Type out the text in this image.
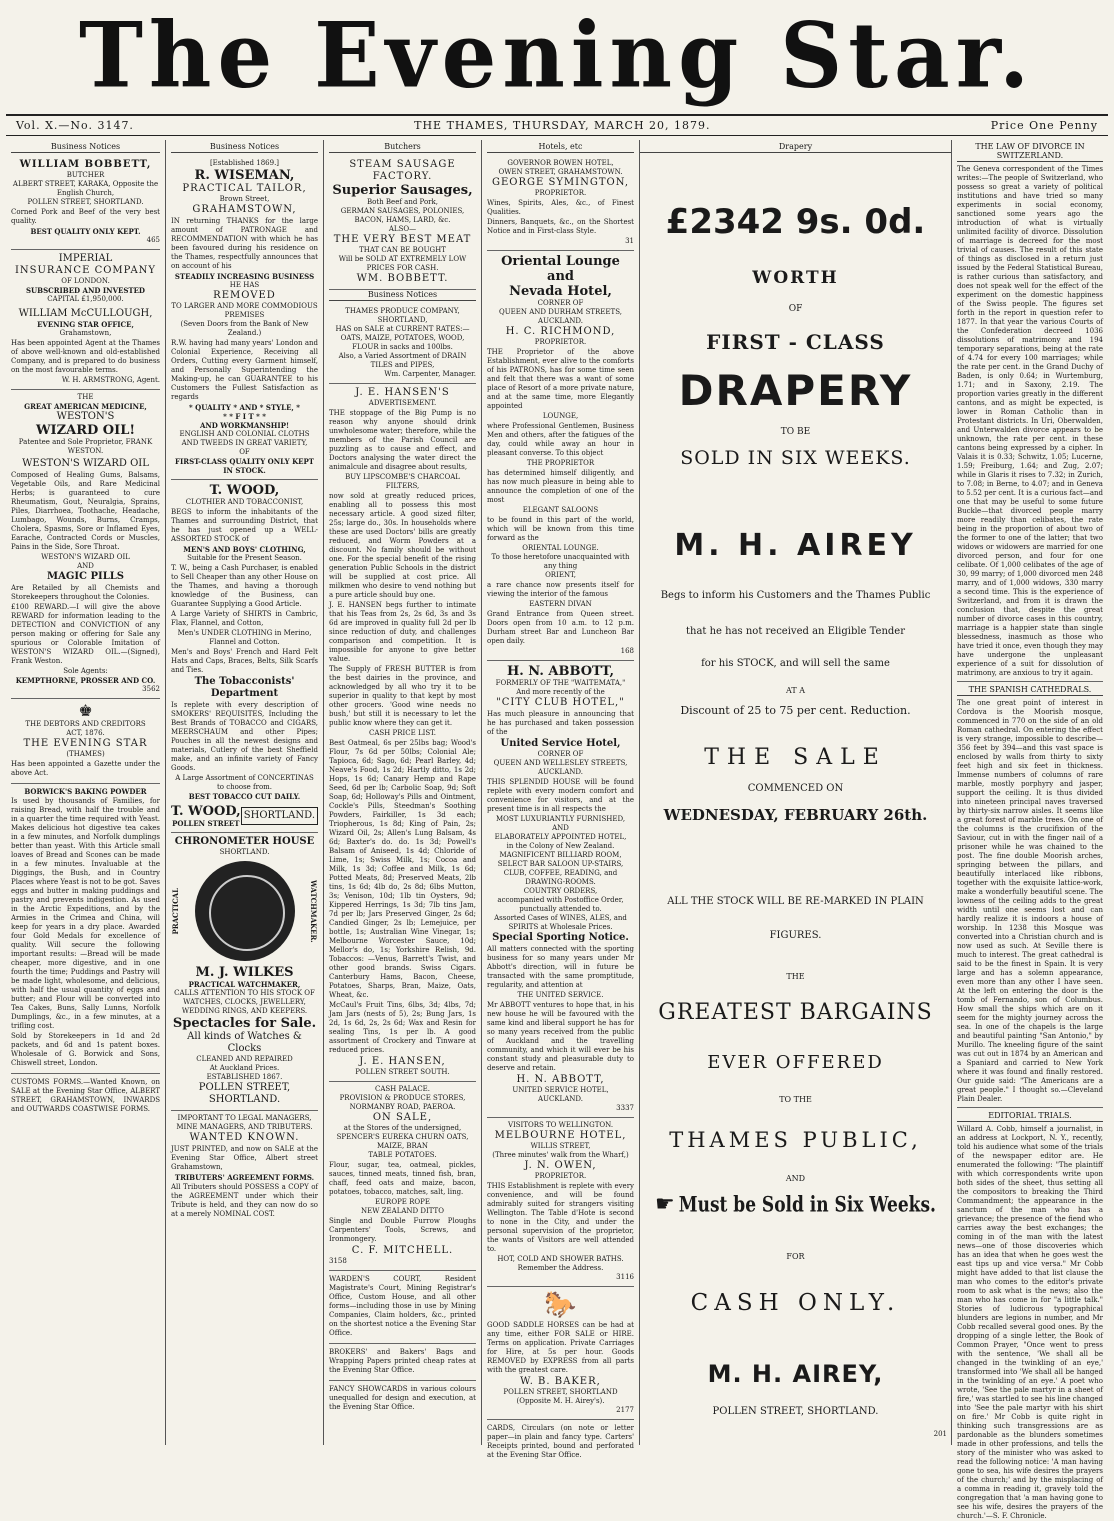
The Evening Star.
Vol. X.—No. 3147.	THE THAMES, THURSDAY, MARCH 20, 1879.	Price One Penny
Business Notices
WILLIAM BOBBETT,
BUTCHER
ALBERT STREET, KARAKA, Opposite the English Church,
POLLEN STREET, SHORTLAND.

Corned Pork and Beef of the very best quality.

BEST QUALITY ONLY KEPT.
465
IMPERIAL
INSURANCE COMPANY
OF LONDON.
SUBSCRIBED AND INVESTED
CAPITAL £1,950,000.
WILLIAM McCULLOUGH,
EVENING STAR OFFICE,
Grahamstown,

Has been appointed Agent at the Thames of above well-known and old-established Company, and is prepared to do business on the most favourable terms.

W. H. ARMSTRONG, Agent.
THE
GREAT AMERICAN MEDICINE,
WESTON'S
WIZARD OIL!
Patentee and Sole Proprietor, FRANK WESTON.
WESTON'S WIZARD OIL

Composed of Healing Gums, Balsams, Vegetable Oils, and Rare Medicinal Herbs; is guaranteed to cure Rheumatism, Gout, Neuralgia, Sprains, Piles, Diarrhoea, Toothache, Headache, Lumbago, Wounds, Burns, Cramps, Cholera, Spasms, Sore or Inflamed Eyes, Earache, Contracted Cords or Muscles, Pains in the Side, Sore Throat.

WESTON'S WIZARD OIL
AND
MAGIC PILLS

Are Retailed by all Chemists and Storekeepers throughout the Colonies.

£100 REWARD.—I will give the above REWARD for information leading to the DETECTION and CONVICTION of any person making or offering for Sale any spurious or Colorable Imitation of WESTON'S WIZARD OIL.—(Signed), Frank Weston.

Sole Agents:
KEMPTHORNE, PROSSER AND CO.
3562
♚
THE DEBTORS AND CREDITORS
ACT, 1876.
THE EVENING STAR
(THAMES)

Has been appointed a Gazette under the above Act.

BORWICK'S BAKING POWDER

Is used by thousands of Families, for raising Bread, with half the trouble and in a quarter the time required with Yeast. Makes delicious hot digestive tea cakes in a few minutes, and Norfolk dumplings better than yeast. With this Article small loaves of Bread and Scones can be made in a few minutes. Invaluable at the Diggings, the Bush, and in Country Places where Yeast is not to be got. Saves eggs and butter in making puddings and pastry and prevents indigestion. As used in the Arctic Expeditions, and by the Armies in the Crimea and China, will keep for years in a dry place. Awarded four Gold Medals for excellence of quality. Will secure the following important results: —Bread will be made cheaper, more digestive, and in one fourth the time; Puddings and Pastry will be made light, wholesome, and delicious, with half the usual quantity of eggs and butter; and Flour will be converted into Tea Cakes, Buns, Sally Lunns, Norfolk Dumplings, &c., in a few minutes, at a trifling cost.

Sold by Storekeepers in 1d and 2d packets, and 6d and 1s patent boxes. Wholesale of G. Borwick and Sons, Chiswell street, London.

CUSTOMS FORMS.—Wanted Known, on SALE at the Evening Star Office, ALBERT STREET, GRAHAMSTOWN, INWARDS and OUTWARDS COASTWISE FORMS.

Business Notices
[Established 1869.]
R. WISEMAN,
PRACTICAL TAILOR,
Brown Street,
GRAHAMSTOWN,

IN returning THANKS for the large amount of PATRONAGE and RECOMMENDATION with which he has been favoured during his residence on the Thames, respectfully announces that on account of his

STEADILY INCREASING BUSINESS
HE HAS
REMOVED
TO LARGER AND MORE COMMODIOUS PREMISES
(Seven Doors from the Bank of New Zealand.)

R.W. having had many years' London and Colonial Experience, Receiving all Orders, Cutting every Garment himself, and Personally Superintending the Making-up, he can GUARANTEE to his Customers the Fullest Satisfaction as regards

* QUALITY * AND * STYLE, *
* * F I T * *
AND WORKMANSHIP!
ENGLISH AND COLONIAL CLOTHS AND TWEEDS IN GREAT VARIETY,
OF
FIRST-CLASS QUALITY ONLY KEPT IN STOCK.
T. WOOD,
CLOTHIER AND TOBACCONIST,

BEGS to inform the inhabitants of the Thames and surrounding District, that he has just opened up a WELL-ASSORTED STOCK of

MEN'S AND BOYS' CLOTHING,
Suitable for the Present Season.

T. W., being a Cash Purchaser, is enabled to Sell Cheaper than any other House on the Thames, and having a thorough knowledge of the Business, can Guarantee Supplying a Good Article.

A Large Variety of SHIRTS in Cambric, Flax, Flannel, and Cotton,

Men's UNDER CLOTHING in Merino, Flannel and Cotton.

Men's and Boys' French and Hard Felt Hats and Caps, Braces, Belts, Silk Scarfs and Ties.

The Tobacconists' Department

Is replete with every description of SMOKERS' REQUISITES, Including the Best Brands of TOBACCO and CIGARS, MEERSCHAUM and other Pipes; Pouches in all the newest designs and materials, Cutlery of the best Sheffield make, and an infinite variety of Fancy Goods.

A Large Assortment of CONCERTINAS to choose from.
BEST TOBACCO CUT DAILY.
T. WOOD,
POLLEN STREET
SHORTLAND.
CHRONOMETER HOUSE
SHORTLAND.
PRACTICAL	WATCHMAKER.
M. J. WILKES
PRACTICAL WATCHMAKER,
CALLS ATTENTION TO HIS STOCK OF
WATCHES, CLOCKS, JEWELLERY, WEDDING RINGS, AND KEEPERS.
Spectacles for Sale.
All kinds of Watches & Clocks
CLEANED AND REPAIRED
At Auckland Prices.
ESTABLISHED 1867.
POLLEN STREET, SHORTLAND.
IMPORTANT TO LEGAL MANAGERS, MINE MANAGERS, AND TRIBUTERS.
WANTED KNOWN.

JUST PRINTED, and now on SALE at the Evening Star Office, Albert street Grahamstown,

TRIBUTERS' AGREEMENT FORMS.

All Tributers should POSSESS a COPY of the AGREEMENT under which their Tribute is held, and they can now do so at a merely NOMINAL COST.

Butchers
STEAM SAUSAGE FACTORY.
Superior Sausages,
Both Beef and Pork,
GERMAN SAUSAGES, POLONIES,
BACON, HAMS, LARD, &c.
ALSO—
THE VERY BEST MEAT
THAT CAN BE BOUGHT
Will be SOLD AT EXTREMELY LOW PRICES FOR CASH.
WM. BOBBETT.
Business Notices
THAMES PRODUCE COMPANY, SHORTLAND,
HAS on SALE at CURRENT RATES:—
OATS, MAIZE, POTATOES, WOOD, FLOUR in sacks and 100lbs.
Also, a Varied Assortment of DRAIN TILES and PIPES,
Wm. Carpenter, Manager.
J. E. HANSEN'S
ADVERTISEMENT.

THE stoppage of the Big Pump is no reason why anyone should drink unwholesome water; therefore, while the members of the Parish Council are puzzling as to cause and effect, and Doctors analysing the water direct the animalcule and disagree about results,

BUY LIPSCOMBE'S CHARCOAL FILTERS,

now sold at greatly reduced prices, enabling all to possess this most necessary article. A good sized filter, 25s; large do., 30s. In households where these are used Doctors' bills are greatly reduced, and Worm Powders at a discount. No family should be without one. For the special benefit of the rising generation Public Schools in the district will be supplied at cost price. All milkmen who desire to vend nothing but a pure article should buy one.

J. E. HANSEN begs further to intimate that his Teas from 2s, 2s 6d, 3s and 3s 6d are improved in quality full 2d per lb since reduction of duty, and challenges comparison and competition. It is impossible for anyone to give better value.

The Supply of FRESH BUTTER is from the best dairies in the province, and acknowledged by all who try it to be superior in quality to that kept by most other grocers. 'Good wine needs no bush,' but still it is necessary to let the public know where they can get it.

CASH PRICE LIST.

Best Oatmeal, 6s per 25lbs bag; Wood's Flour, 7s 6d per 50lbs; Colonial Ale; Tapioca, 6d; Sago, 6d; Pearl Barley, 4d; Neave's Food, 1s 2d; Hartly ditto, 1s 2d; Hops, 1s 6d; Canary Hemp and Rape Seed, 6d per lb; Carbolic Soap, 9d; Soft Soap, 6d; Holloway's Pills and Ointment, Cockle's Pills, Steedman's Soothing Powders, Fairkiller, 1s 3d each; Triopherous, 1s 8d; King of Pain, 2s; Wizard Oil, 2s; Allen's Lung Balsam, 4s 6d; Baxter's do. do. 1s 3d; Powell's Balsam of Aniseed, 1s 4d; Chloride of Lime, 1s; Swiss Milk, 1s; Cocoa and Milk, 1s 3d; Coffee and Milk, 1s 6d; Potted Meats, 8d; Preserved Meats, 2lb tins, 1s 6d; 4lb do, 2s 8d; 6lbs Mutton, 3s; Venison, 10d; 1lb tin Oysters, 9d; Kippered Herrings, 1s 3d; 7lb tins Jam, 7d per lb; Jars Preserved Ginger, 2s 6d; Candied Ginger, 2s lb; Lemejuice, per bottle, 1s; Australian Wine Vinegar, 1s; Melbourne Worcester Sauce, 10d; Mellor's do, 1s; Yorkshire Relish, 9d. Tobaccos: —Venus, Barrett's Twist, and other good brands. Swiss Cigars. Canterbury Hams, Bacon, Cheese, Potatoes, Sharps, Bran, Maize, Oats, Wheat, &c.

McCaul's Fruit Tins, 6lbs, 3d; 4lbs, 7d; Jam Jars (nests of 5), 2s; Bung Jars, 1s 2d, 1s 6d, 2s, 2s 6d; Wax and Resin for sealing Tins, 1s per lb. A good assortment of Crockery and Tinware at reduced prices.

J. E. HANSEN,
POLLEN STREET SOUTH.
CASH PALACE.
PROVISION & PRODUCE STORES, NORMANBY ROAD, PAEROA.
ON SALE,
at the Stores of the undersigned,
SPENCER'S EUREKA CHURN OATS, MAIZE, BRAN
TABLE POTATOES.

Flour, sugar, tea, oatmeal, pickles, sauces, tinned meats, tinned fish, bran, chaff, feed oats and maize, bacon, potatoes, tobacco, matches, salt, ling.

EUROPE ROPE
NEW ZEALAND DITTO

Single and Double Furrow Ploughs Carpenters' Tools, Screws, and Ironmongery.

C. F. MITCHELL.
3158

WARDEN'S COURT, Resident Magistrate's Court, Mining Registrar's Office, Custom House, and all other forms—including those in use by Mining Companies, Claim holders, &c., printed on the shortest notice a the Evening Star Office.

BROKERS' and Bakers' Bags and Wrapping Papers printed cheap rates at the Evening Star Office.

FANCY SHOWCARDS in various colours unequalled for design and execution, at the Evening Star Office.

Hotels, etc
GOVERNOR BOWEN HOTEL,
OWEN STREET, GRAHAMSTOWN.
GEORGE SYMINGTON,
PROPRIETOR.

Wines, Spirits, Ales, &c., of Finest Qualities.

Dinners, Banquets, &c., on the Shortest Notice and in First-class Style.

31
Oriental Lounge and
Nevada Hotel,
CORNER OF
QUEEN AND DURHAM STREETS,
AUCKLAND.
H. C. RICHMOND,
PROPRIETOR.

THE Proprietor of the above Establishment, ever alive to the comforts of his PATRONS, has for some time seen and felt that there was a want of some place of Resort of a more private nature, and at the same time, more Elegantly appointed

LOUNGE,

where Professional Gentlemen, Business Men and others, after the fatigues of the day, could while away an hour in pleasant converse. To this object

THE PROPRIETOR

has determined himself diligently, and has now much pleasure in being able to announce the completion of one of the most

ELEGANT SALOONS

to be found in this part of the world, which will be known from this time forward as the

ORIENTAL LOUNGE.
To those heretofore unacquainted with any thing
ORIENT,

a rare chance now presents itself for viewing the interior of the famous

EASTERN DIVAN

Grand Entrance from Queen street. Doors open from 10 a.m. to 12 p.m. Durham street Bar and Luncheon Bar open daily.

168
H. N. ABBOTT,
FORMERLY OF THE "WAITEMATA,"
And more recently of the
"CITY CLUB HOTEL,"

Has much pleasure in announcing that he has purchased and taken possession of the

United Service Hotel,
CORNER OF
QUEEN AND WELLESLEY STREETS, AUCKLAND.

THIS SPLENDID HOUSE will be found replete with every modern comfort and convenience for visitors, and at the present time is in all respects the

MOST LUXURIANTLY FURNISHED,
AND
ELABORATELY APPOINTED HOTEL,
in the Colony of New Zealand.
MAGNIFICENT BILLIARD ROOM,
SELECT BAR SALOON UP-STAIRS,
CLUB, COFFEE, READING, and DRAWING-ROOMS.
COUNTRY ORDERS,
accompanied with Postoffice Order, punctually attended to.
Assorted Cases of WINES, ALES, and SPIRITS at Wholesale Prices.
Special Sporting Notice.

All matters connected with the sporting business for so many years under Mr Abbott's direction, will in future be transacted with the same promptitude, regularity, and attention at

THE UNITED SERVICE.

Mr ABBOTT ventures to hope that, in his new house he will be favoured with the same kind and liberal support he has for so many years received from the public of Auckland and the travelling community, and which it will ever be his constant study and pleasurable duty to deserve and retain.

H. N. ABBOTT,
UNITED SERVICE HOTEL,
AUCKLAND.
3337
VISITORS TO WELLINGTON.
MELBOURNE HOTEL,
WILLIS STREET,
(Three minutes' walk from the Wharf,)
J. N. OWEN,
PROPRIETOR.

THIS Establishment is replete with every convenience, and will be found admirably suited for strangers visiting Wellington. The Table d'Hote is second to none in the City, and under the personal supervision of the proprietor, the wants of Visitors are well attended to.

HOT, COLD AND SHOWER BATHS.
Remember the Address.
3116
🐎

GOOD SADDLE HORSES can be had at any time, either FOR SALE or HIRE. Terms on application. Private Carriages for Hire, at 5s per hour. Goods REMOVED by EXPRESS from all parts with the greatest care.

W. B. BAKER,
POLLEN STREET, SHORTLAND
(Opposite M. H. Airey's).
2177

CARDS, Circulars (on note or letter paper—in plain and fancy type. Carters' Receipts printed, bound and perforated at the Evening Star Office.

Drapery
£2342 9s. 0d.
WORTH
OF
FIRST - CLASS
DRAPERY
TO BE
SOLD IN SIX WEEKS.
M. H. AIREY
Begs to inform his Customers and the Thames Public
that he has not received an Eligible Tender
for his STOCK, and will sell the same
AT A
Discount of 25 to 75 per cent. Reduction.
THE SALE
COMMENCED ON
WEDNESDAY, FEBRUARY 26th.
ALL THE STOCK WILL BE RE-MARKED IN PLAIN
FIGURES.
THE
GREATEST BARGAINS
EVER OFFERED
TO THE
THAMES PUBLIC,
AND
☛ Must be Sold in Six Weeks.
FOR
CASH ONLY.
M. H. AIREY,
POLLEN STREET, SHORTLAND.
201
THE LAW OF DIVORCE IN SWITZERLAND.

The Geneva correspondent of the Times writes:—The people of Switzerland, who possess so great a variety of political institutions and have tried so many experiments in social economy, sanctioned some years ago the introduction of what is virtually unlimited facility of divorce. Dissolution of marriage is decreed for the most trivial of causes. The result of this state of things as disclosed in a return just issued by the Federal Statistical Bureau, is rather curious than satisfactory, and does not speak well for the effect of the experiment on the domestic happiness of the Swiss people. The figures set forth in the report in question refer to 1877. In that year the various Courts of the Confederation decreed 1036 dissolutions of matrimony and 194 temporary separations, being at the rate of 4.74 for every 100 marriages; while the rate per cent. in the Grand Duchy of Baden, is only 0.64; in Wurtemburg, 1.71; and in Saxony, 2.19. The proportion varies greatly in the different cantons, and as might be expected, is lower in Roman Catholic than in Protestant districts. In Uri, Oberwalden, and Unterwalden divorce appears to be unknown, the rate per cent. in these cantons being expressed by a cipher. In Valais it is 0.33; Schwitz, 1.05; Lucerne, 1.59; Freiburg, 1.64; and Zug, 2.07; while in Glaris it rises to 7.32; in Zurich, to 7.08; in Berne, to 4.07; and in Geneva to 5.52 per cent. It is a curious fact—and one that may be useful to some future Buckle—that divorced people marry more readily than celibates, the rate being in the proportion of about two of the former to one of the latter; that two widows or widowers are married for one divorced person, and four for one celibate. Of 1,000 celibates of the age of 30, 99 marry; of 1,000 divorced men 248 marry, and of 1,000 widows, 330 marry a second time. This is the experience of Switzerland, and from it is drawn the conclusion that, despite the great number of divorce cases in this country, marriage is a happier state than single blessedness, inasmuch as those who have tried it once, even though they may have undergone the unpleasant experience of a suit for dissolution of matrimony, are anxious to try it again.

THE SPANISH CATHEDRALS.

The one great point of interest in Cordova is the Moorish mosque, commenced in 770 on the side of an old Roman cathedral. On entering the effect is very strange, impossible to describe—356 feet by 394—and this vast space is enclosed by walls from thirty to sixty feet high and six feet in thickness. Immense numbers of columns of rare marble, mostly porphyry and jasper, support the ceiling. It is thus divided into nineteen principal naves traversed by thirty-six narrow aisles. It seems like a great forest of marble trees. On one of the columns is the crucifixion of the Saviour, cut in with the finger nail of a prisoner while he was chained to the post. The fine double Moorish arches, springing between the pillars, and beautifully interlaced like ribbons, together with the exquisite lattice-work, make a wonderfully beautiful scene. The lowness of the ceiling adds to the great width until one seems lost and can hardly realize it is indoors a house of worship. In 1238 this Mosque was converted into a Christian church and is now used as such. At Seville there is much to interest. The great cathedral is said to be the finest in Spain. It is very large and has a solemn appearance, even more than any other I have seen. At the left on entering the door is the tomb of Fernando, son of Columbus. How small the ships which are on it seem for the mighty journey across the sea. In one of the chapels is the large and beautiful painting "San Antonio," by Murillo. The kneeling figure of the saint was cut out in 1874 by an American and a Spaniard and carried to New York where it was found and finally restored. Our guide said: "The Americans are a great people." I thought so.—Cleveland Plain Dealer.

EDITORIAL TRIALS.

Willard A. Cobb, himself a journalist, in an address at Lockport, N. Y., recently, told his audience what some of the trials of the newspaper editor are. He enumerated the following: "The plaintiff with which correspondents write upon both sides of the sheet, thus setting all the compositors to breaking the Third Commandment; the appearance in the sanctum of the man who has a grievance; the presence of the fiend who carries away the best exchanges; the coming in of the man with the latest news—one of those discoveries which has an idea that when he goes west the east tips up and vice versa." Mr Cobb might have added to that list clause the man who comes to the editor's private room to ask what is the news; also the man who has come in for "a little talk." Stories of ludicrous typographical blunders are legions in number, and Mr Cobb recalled several good ones. By the dropping of a single letter, the Book of Common Prayer, "Once went to press with the sentence, 'We shall all be changed in the twinkling of an eye,' transformed into 'We shall all be hanged in the twinkling of an eye.' A poet who wrote, 'See the pale martyr in a sheet of fire,' was startled to see his line changed into 'See the pale martyr with his shirt on fire.' Mr Cobb is quite right in thinking such transgressions are as pardonable as the blunders sometimes made in other professions, and tells the story of the minister who was asked to read the following notice: 'A man having gone to sea, his wife desires the prayers of the church;' and by the misplacing of a comma in reading it, gravely told the congregation that 'a man having gone to see his wife, desires the prayers of the church.'—S. F. Chronicle.
